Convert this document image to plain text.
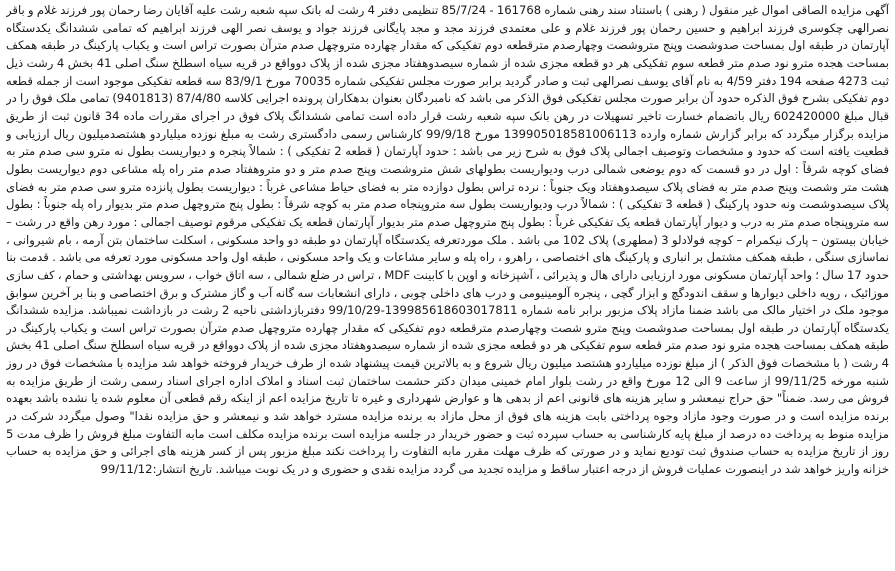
آگهی مزایده الصاقی اموال غیر منقول ( رهنی ) باستناد سند رهنی شماره 161768 - 85/7/24 تنظیمی دفتر 4 رشت له بانک سپه شعبه رشت علیه آقایان رضا رحمان پور فرزند غلام و باقر نصرالهی چکوسری فرزند ابراهیم و حسین رحمان پور فرزند غلام و علی معتمدی فرزند مجد و مجد پایگانی فرزند جواد و یوسف نصر الهی فرزند ابراهیم که تمامی ششدانگ یکدستگاه آپارتمان در طبقه اول بمساحت صدوشصت وپنج متروشصت وچهارصدم مترقطعه دوم تفکیکی که مقدار چهارده متروچهل صدم مترآن بصورت تراس است و یکباب پارکینگ در طبقه همکف بمساحت هجده مترو نود صدم متر قطعه سوم تفکیکی هر دو قطعه مجزی شده از شماره سیصدوهفتاد مجزی شده از پلاک دوواقع در قریه سیاه اسطلخ سنگ اصلی 41 بخش 4 رشت ذیل ثبت 4273 صفحه 194 دفتر 4/59 به نام آقای یوسف نصرالهی ثبت و صادر گردید برابر صورت مجلس تفکیکی شماره 70035 مورخ 83/9/1 سه قطعه تفکیکی موجود است از جمله قطعه دوم تفکیکی بشرح فوق الذکره حدود آن برابر صورت مجلس تفکیکی فوق الذکر می باشد که نامبردگان بعنوان بدهکاران پرونده اجرایی کلاسه 87/4/80 (9401813) تمامی ملک فوق را در قبال مبلغ 602420000 ریال باتضمام خسارت تاخیر تسهیلات در رهن بانک سپه شعبه رشت قرار داده است تمامی ششدانگ پلاک فوق در اجرای مقررات ماده 34 قانون ثبت از طریق مزایده برگزار میگردد که برابر گزارش شماره وارده 139905018581006113 مورخ 99/9/18 کارشناس رسمی دادگستری رشت به مبلغ نوزده میلیاردو هشتصدمیلیون ریال ارزیابی و قطعیت یافته است که حدود و مشخصات وتوصیف اجمالی پلاک فوق به شرح زیر می باشد : حدود آپارتمان ( قطعه 2 تفکیکی ) : شمالاً پنجره و دیواریست بطول نه مترو سی صدم متر به فضای کوچه شرقاً : اول در دو قسمت که دوم یوضعی شمالی درب ودیواریست بطولهای شش متروشصت وپنج صدم متر و دو متروهفتاد صدم متر راه پله مشاعی دوم دیواریست بطول هشت متر وشصت وپنج صدم متر به فضای پلاک سیصدوهفتاد ویک جنوباً : نرده تراس بطول دوازده متر به فضای حیاط مشاعی غرباً : دیواریست بطول پانزده مترو سی صدم متر به فضای پلاک سیصدوشصت ونه حدود پارکینگ ( قطعه 3 تفکیکی ) : شمالاً درب ودیواریست بطول سه متروپنجاه صدم متر به کوچه شرقاً : بطول پنج متروچهل صدم متر بدیوار راه پله جنوباً : بطول سه متروپنجاه صدم متر به درب و دیوار آپارتمان قطعه یک تفکیکی غرباً : بطول پنج متروچهل صدم متر بدیوار آپارتمان قطعه یک تفکیکی مرقوم توصیف اجمالی : مورد رهن واقع در رشت – خیابان بیستون – پارک نیکمرام – کوچه فولادلو 3 (مطهری) پلاک 102 می باشد . ملک موردتعرفه یکدستگاه آپارتمان دو طبقه دو واحد مسکونی ، اسکلت ساختمان بتن آرمه ، بام شیروانی ، نماسازی سنگی ، طبقه همکف مشتمل بر انباری و پارکینگ های اختصاصی ، راهرو ، راه پله و سایر مشاعات و یک واحد مسکونی ، طبقه اول واحد مسکونی مورد تعرفه می باشد . قدمت بنا حدود 17 سال ؛ واحد آپارتمان مسکونی مورد ارزیابی دارای هال و پذیرائی ، آشپزخانه و اوپن با کابینت MDF ، تراس در ضلع شمالی ، سه اتاق خواب ، سرویس بهداشتی و حمام ، کف سازی موزائیک ، رویه داخلی دیوارها و سقف اندودگچ و ابزار گچی ، پنجره آلومینیومی و درب های داخلی چوبی ، دارای انشعابات سه گانه آب و گاز مشترک و برق اختصاصی و بنا بر آخرین سوابق موجود ملک در اختیار مالک می باشد ضمنا مازاد پلاک مزبور برابر نامه شماره 139985618603017811-99/10/29 دفتربازداشتی ناحیه 2 رشت در بازداشت نمیباشد. مزایده ششدانگ یکدستگاه آپارتمان در طبقه اول بمساحت صدوشصت وپنج مترو شصت وچهارصدم مترقطعه دوم تفکیکی که مقدار چهارده متروچهل صدم مترآن بصورت تراس است و یکباب پارکینگ در طبقه همکف بمساحت هجده مترو نود صدم متر قطعه سوم تفکیکی هر دو قطعه مجزی شده از شماره سیصدوهفتاد مجزی شده از پلاک دوواقع در قریه سیاه اسطلخ سنگ اصلی 41 بخش 4 رشت ( با مشخصات فوق الذکر ) از مبلغ نوزده میلیاردو هشتصد میلیون ریال شروع و به بالاترین قیمت پیشنهاد شده از طرف خریدار فروخته خواهد شد مزایده با مشخصات فوق در روز شنبه مورخه 99/11/25 از ساعت 9 الی 12 مورخ واقع در رشت بلوار امام خمینی میدان دکتر حشمت ساختمان ثبت اسناد و املاک اداره اجرای اسناد رسمی رشت از طریق مزایده به فروش می رسد. ضمناً" حق حراج نیمعشر و سایر هزینه های قانونی اعم از بدهی ها و عوارض شهرداری و غیره تا تاریخ مزایده اعم از اینکه رقم قطعی آن معلوم شده یا نشده باشد بعهده برنده مزایده است و در صورت وجود مازاد وجوه پرداختی بابت هزینه های فوق از محل مازاد به برنده مزایده مسترد خواهد شد و نیمعشر و حق مزایده نقدا" وصول میگردد شرکت در مزایده منوط به پرداخت ده درصد از مبلغ پایه کارشناسی به حساب سپرده ثبت و حضور خریدار در جلسه مزایده است برنده مزایده مکلف است مابه التفاوت مبلغ فروش را ظرف مدت 5 روز از تاریخ مزایده به حساب صندوق ثبت تودیع نماید و در صورتی که ظرف مهلت مقرر مابه التفاوت را پرداخت نکند مبلغ مزبور پس از کسر هزینه های اجرائی و حق مزایده به حساب خزانه واریز خواهد شد در اینصورت عملیات فروش از درجه اعتبار ساقط و مزایده تجدید می گردد مزایده نقدی و حضوری و در یک نوبت میباشد. تاریخ انتشار:99/11/12
